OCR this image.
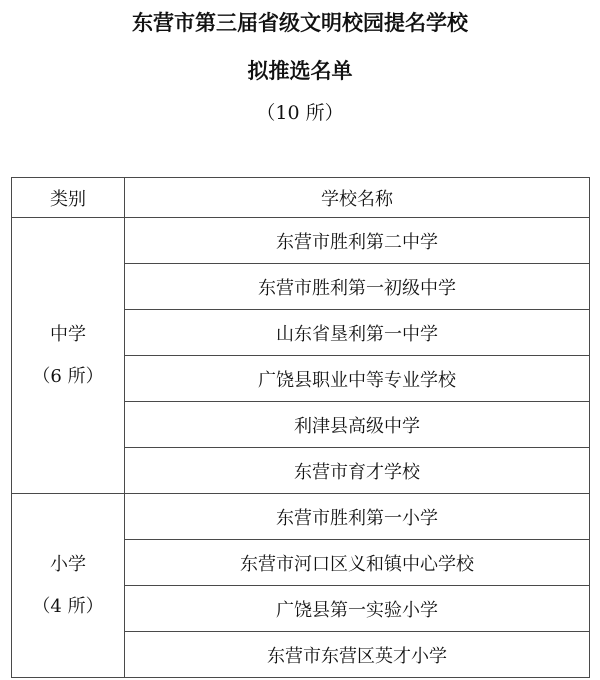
东营市第三届省级文明校园提名学校
拟推选名单

（10 所）

类别	学校名称

中学
（6 所）	东营市胜利第二中学
	东营市胜利第一初级中学
	山东省垦利第一中学
	广饶县职业中等专业学校
	利津县高级中学
	东营市育才学校

小学
（4 所）	东营市胜利第一小学
	东营市河口区义和镇中心学校
	广饶县第一实验小学
	东营市东营区英才小学
